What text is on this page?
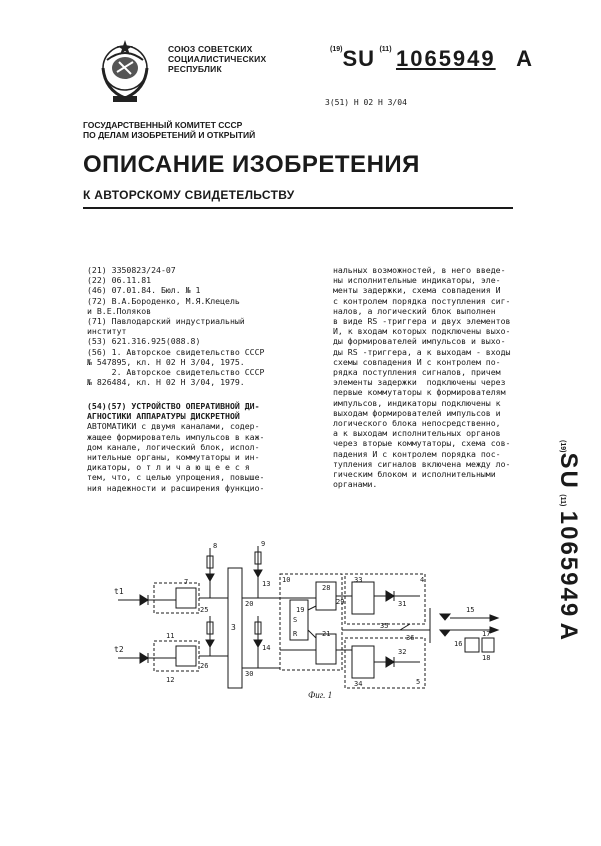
СОЮЗ СОВЕТСКИХ
СОЦИАЛИСТИЧЕСКИХ
РЕСПУБЛИК
$^{(19)}$SU $^{(11)}$ 1065949 A
3(51) Н 02 Н 3/04
ГОСУДАРСТВЕННЫЙ КОМИТЕТ СССР
ПО ДЕЛАМ ИЗОБРЕТЕНИЙ И ОТКРЫТИЙ
ОПИСАНИЕ ИЗОБРЕТЕНИЯ
К АВТОРСКОМУ СВИДЕТЕЛЬСТВУ
(21) 3350823/24-07
(22) 06.11.81
(46) 07.01.84. Бюл. № 1
(72) В.А.Бороденко, М.Я.Клецель
и В.Е.Поляков
(71) Павлодарский индустриальный
институт
(53) 621.316.925(088.8)
(56) 1. Авторское свидетельство СССР
№ 547895, кл. Н 02 Н 3/04, 1975.
2. Авторское свидетельство СССР
№ 826484, кл. Н 02 Н 3/04, 1979.
(54)(57) УСТРОЙСТВО ОПЕРАТИВНОЙ ДИ-
АГНОСТИКИ АППАРАТУРЫ ДИСКРЕТНОЙ
АВТОМАТИКИ с двумя каналами, содер-
жащее формирователь импульсов в каж-
дом канале, логический блок, испол-
нительные органы, коммутаторы и ин-
дикаторы, о т л и ч а ю щ е е с я
тем, что, с целью упрощения, повыше-
ния надежности и расширения функцио-
нальных возможностей, в него введе-
ны исполнительные индикаторы, эле-
менты задержки, схема совпадения И
с контролем порядка поступления сиг-
налов, а логический блок выполнен
в виде RS -триггера и двух элементов
И, к входам которых подключены выхо-
ды формирователей импульсов и выхо-
ды RS -триггера, а к выходам - входы
схемы совпадения И с контролем по-
рядка поступления сигналов, причем
элементы задержки  подключены через
первые коммутаторы к формирователям
импульсов, индикаторы подключены к
выходам формирователей импульсов и
логического блока непосредственно,
а к выходам исполнительных органов
через вторые коммутаторы, схема сов-
падения И с контролем порядка пос-
тупления сигналов включена между ло-
гическим блоком и исполнительными
органами.
(19)SU (11) 1065949 A
t1
t2
25
26
3
8	9
10
13
14
20
30
28
29
19
21
S
R
33
34
31
32
35
36
15
16
17
18
4
5
11
12
7
Фиг. 1
